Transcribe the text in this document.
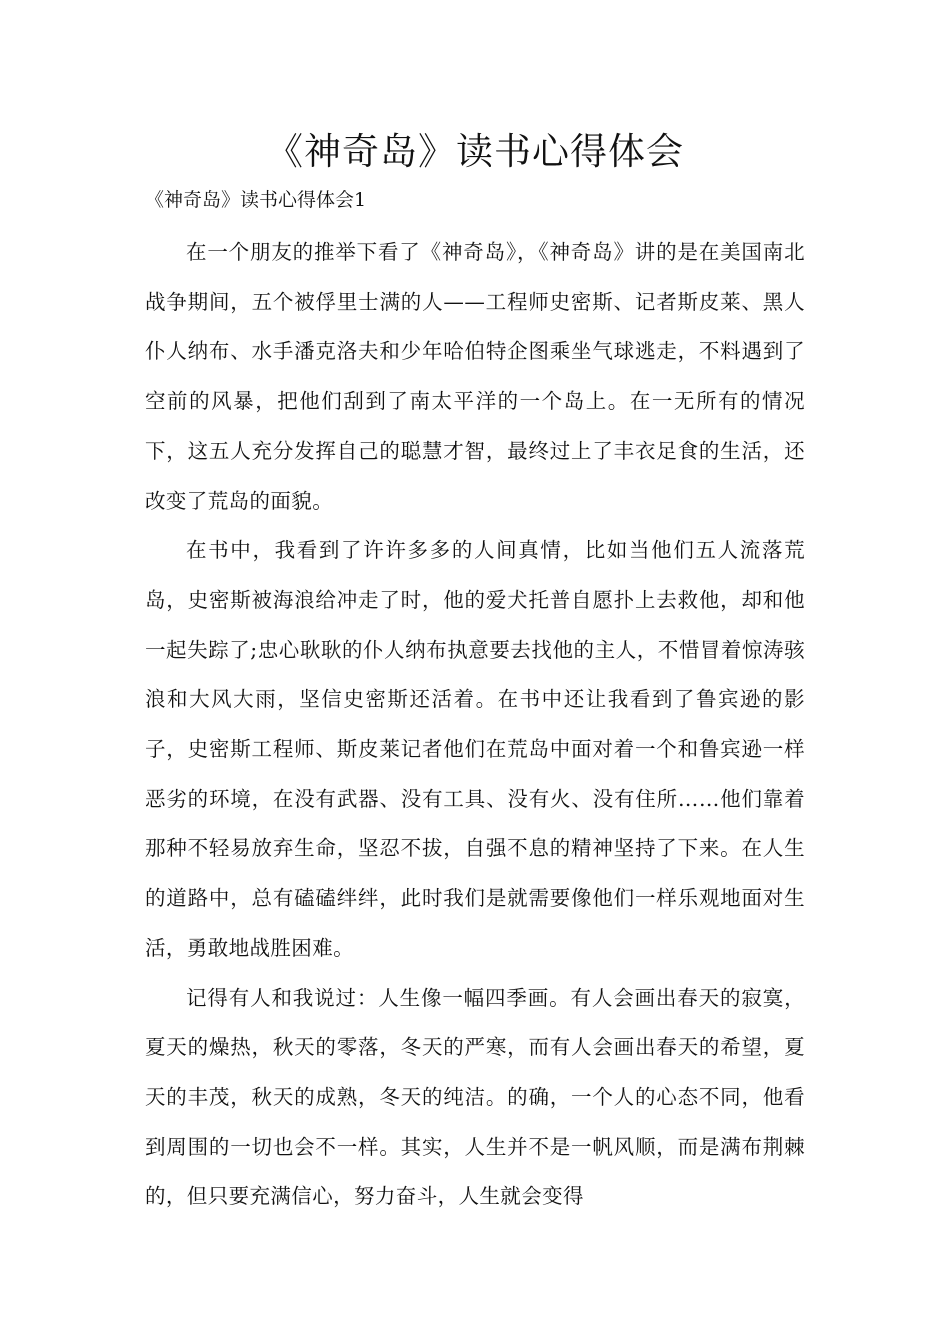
《神奇岛》读书心得体会

《神奇岛》读书心得体会1

在一个朋友的推举下看了《神奇岛》，《神奇岛》讲的是在美国南北战争期间，五个被俘里士满的人——工程师史密斯、记者斯皮莱、黑人仆人纳布、水手潘克洛夫和少年哈伯特企图乘坐气球逃走，不料遇到了空前的风暴，把他们刮到了南太平洋的一个岛上。在一无所有的情况下，这五人充分发挥自己的聪慧才智，最终过上了丰衣足食的生活，还改变了荒岛的面貌。

在书中，我看到了许许多多的人间真情，比如当他们五人流落荒岛，史密斯被海浪给冲走了时，他的爱犬托普自愿扑上去救他，却和他一起失踪了;忠心耿耿的仆人纳布执意要去找他的主人，不惜冒着惊涛骇浪和大风大雨，坚信史密斯还活着。在书中还让我看到了鲁宾逊的影子，史密斯工程师、斯皮莱记者他们在荒岛中面对着一个和鲁宾逊一样恶劣的环境，在没有武器、没有工具、没有火、没有住所……他们靠着那种不轻易放弃生命，坚忍不拔，自强不息的精神坚持了下来。在人生的道路中，总有磕磕绊绊，此时我们是就需要像他们一样乐观地面对生活，勇敢地战胜困难。

记得有人和我说过：人生像一幅四季画。有人会画出春天的寂寞，夏天的燥热，秋天的零落，冬天的严寒，而有人会画出春天的希望，夏天的丰茂，秋天的成熟，冬天的纯洁。的确，一个人的心态不同，他看到周围的一切也会不一样。其实，人生并不是一帆风顺，而是满布荆棘的，但只要充满信心，努力奋斗，人生就会变得
